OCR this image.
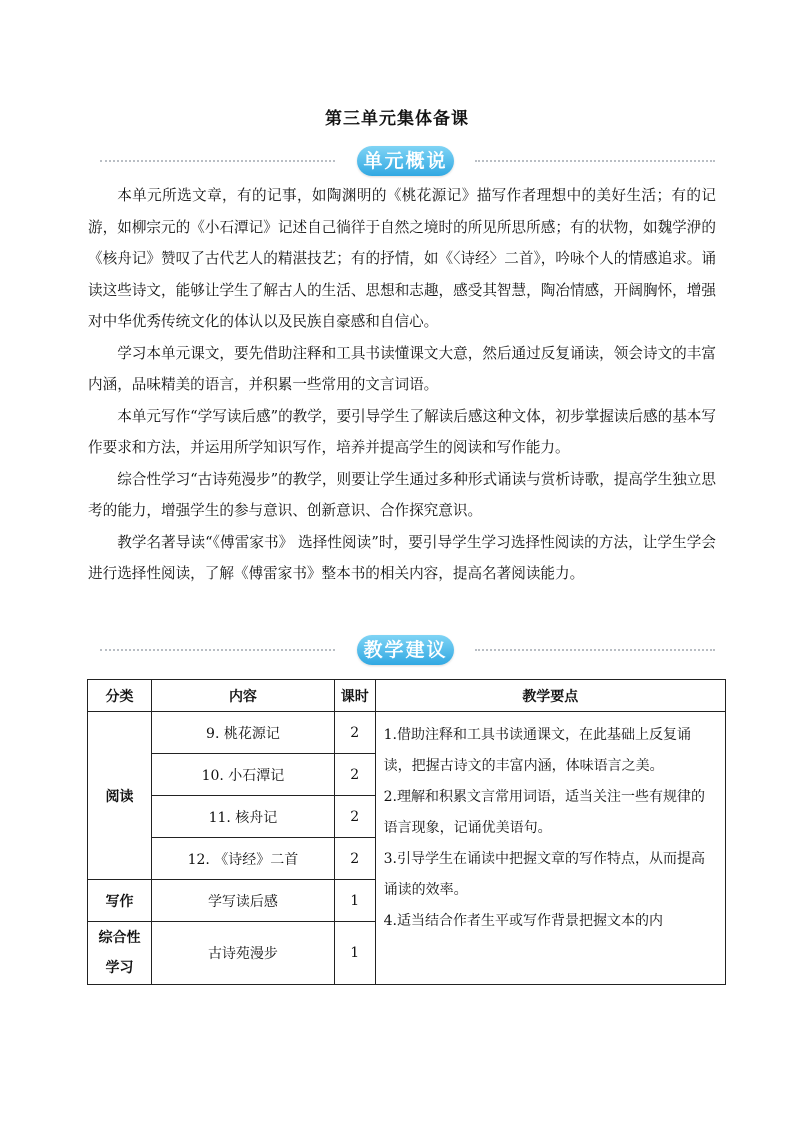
第三单元集体备课
单元概说

本单元所选文章，有的记事，如陶渊明的《桃花源记》描写作者理想中的美好生活；有的记游，如柳宗元的《小石潭记》记述自己徜徉于自然之境时的所见所思所感；有的状物，如魏学洢的《核舟记》赞叹了古代艺人的精湛技艺；有的抒情，如《〈诗经〉二首》，吟咏个人的情感追求。诵读这些诗文，能够让学生了解古人的生活、思想和志趣，感受其智慧，陶冶情感，开阔胸怀，增强对中华优秀传统文化的体认以及民族自豪感和自信心。

学习本单元课文，要先借助注释和工具书读懂课文大意，然后通过反复诵读，领会诗文的丰富内涵，品味精美的语言，并积累一些常用的文言词语。

本单元写作“学写读后感”的教学，要引导学生了解读后感这种文体，初步掌握读后感的基本写作要求和方法，并运用所学知识写作，培养并提高学生的阅读和写作能力。

综合性学习“古诗苑漫步”的教学，则要让学生通过多种形式诵读与赏析诗歌，提高学生独立思考的能力，增强学生的参与意识、创新意识、合作探究意识。

教学名著导读“《傅雷家书》 选择性阅读”时，要引导学生学习选择性阅读的方法，让学生学会进行选择性阅读，了解《傅雷家书》整本书的相关内容，提高名著阅读能力。

教学建议
分类	内容	课时	教学要点
阅读	9. 桃花源记	2	1.借助注释和工具书读通课文，在此基础上反复诵读，把握古诗文的丰富内涵，体味语言之美。

2.理解和积累文言常用词语，适当关注一些有规律的语言现象，记诵优美语句。

3.引导学生在诵读中把握文章的写作特点，从而提高诵读的效率。

4.适当结合作者生平或写作背景把握文本的内

	10. 小石潭记	2	
	11. 核舟记	2	
	12. 《诗经》二首	2	
写作	学写读后感	1	
综合性学习	古诗苑漫步	1	
